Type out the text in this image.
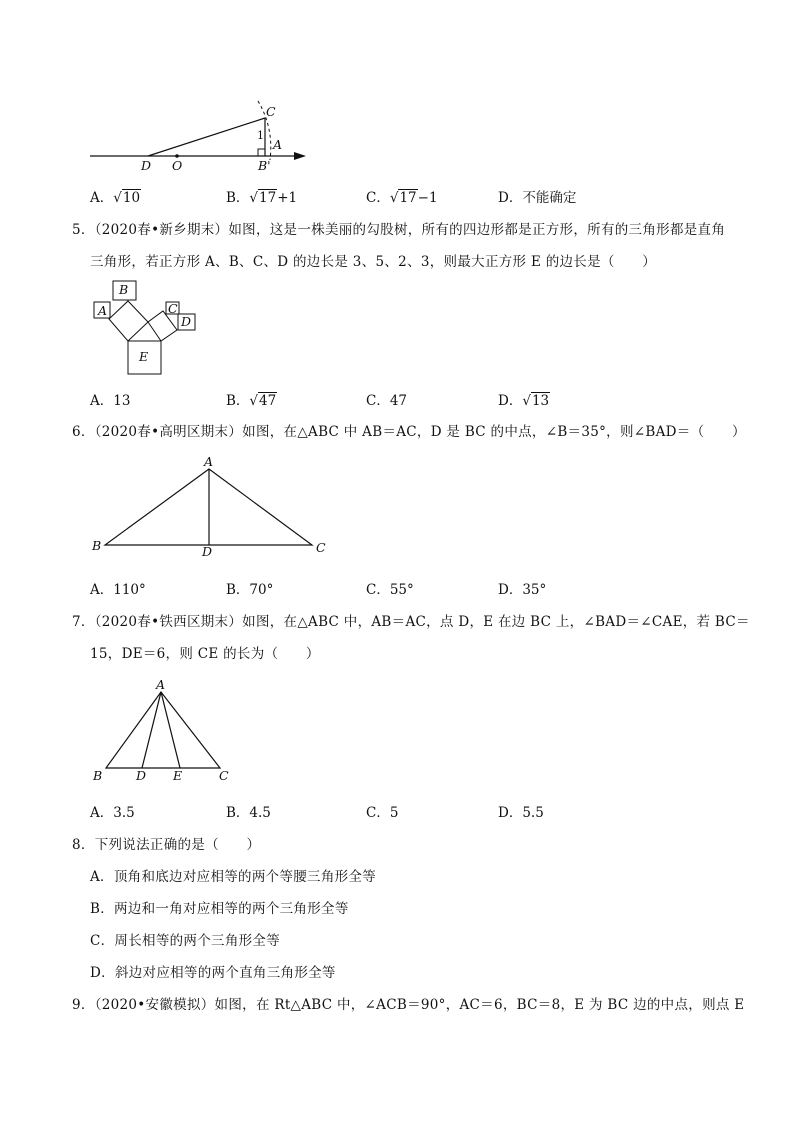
C
1
A
D O	B'
A．√10	B．√17+1	C．√17−1	D．不能确定
5．（2020春•新乡期末）如图，这是一株美丽的勾股树，所有的四边形都是正方形，所有的三角形都是直角
三角形，若正方形 A、B、C、D 的边长是 3、5、2、3，则最大正方形 E 的边长是（　　）
A
B
C
D
E
A．13	B．√47	C．47	D．√13
6．（2020春•高明区期末）如图，在△ABC 中 AB＝AC，D 是 BC 的中点，∠B＝35°，则∠BAD＝（　　）
A
B	C
D
A．110°	B．70°	C．55°	D．35°
7．（2020春•铁西区期末）如图，在△ABC 中，AB＝AC，点 D，E 在边 BC 上，∠BAD＝∠CAE，若 BC＝
15，DE＝6，则 CE 的长为（　　）
A
B	D E	C
A．3.5	B．4.5	C．5	D．5.5
8．下列说法正确的是（　　）
A．顶角和底边对应相等的两个等腰三角形全等
B．两边和一角对应相等的两个三角形全等
C．周长相等的两个三角形全等
D．斜边对应相等的两个直角三角形全等
9．（2020•安徽模拟）如图，在 Rt△ABC 中，∠ACB＝90°，AC＝6，BC＝8，E 为 BC 边的中点，则点 E
